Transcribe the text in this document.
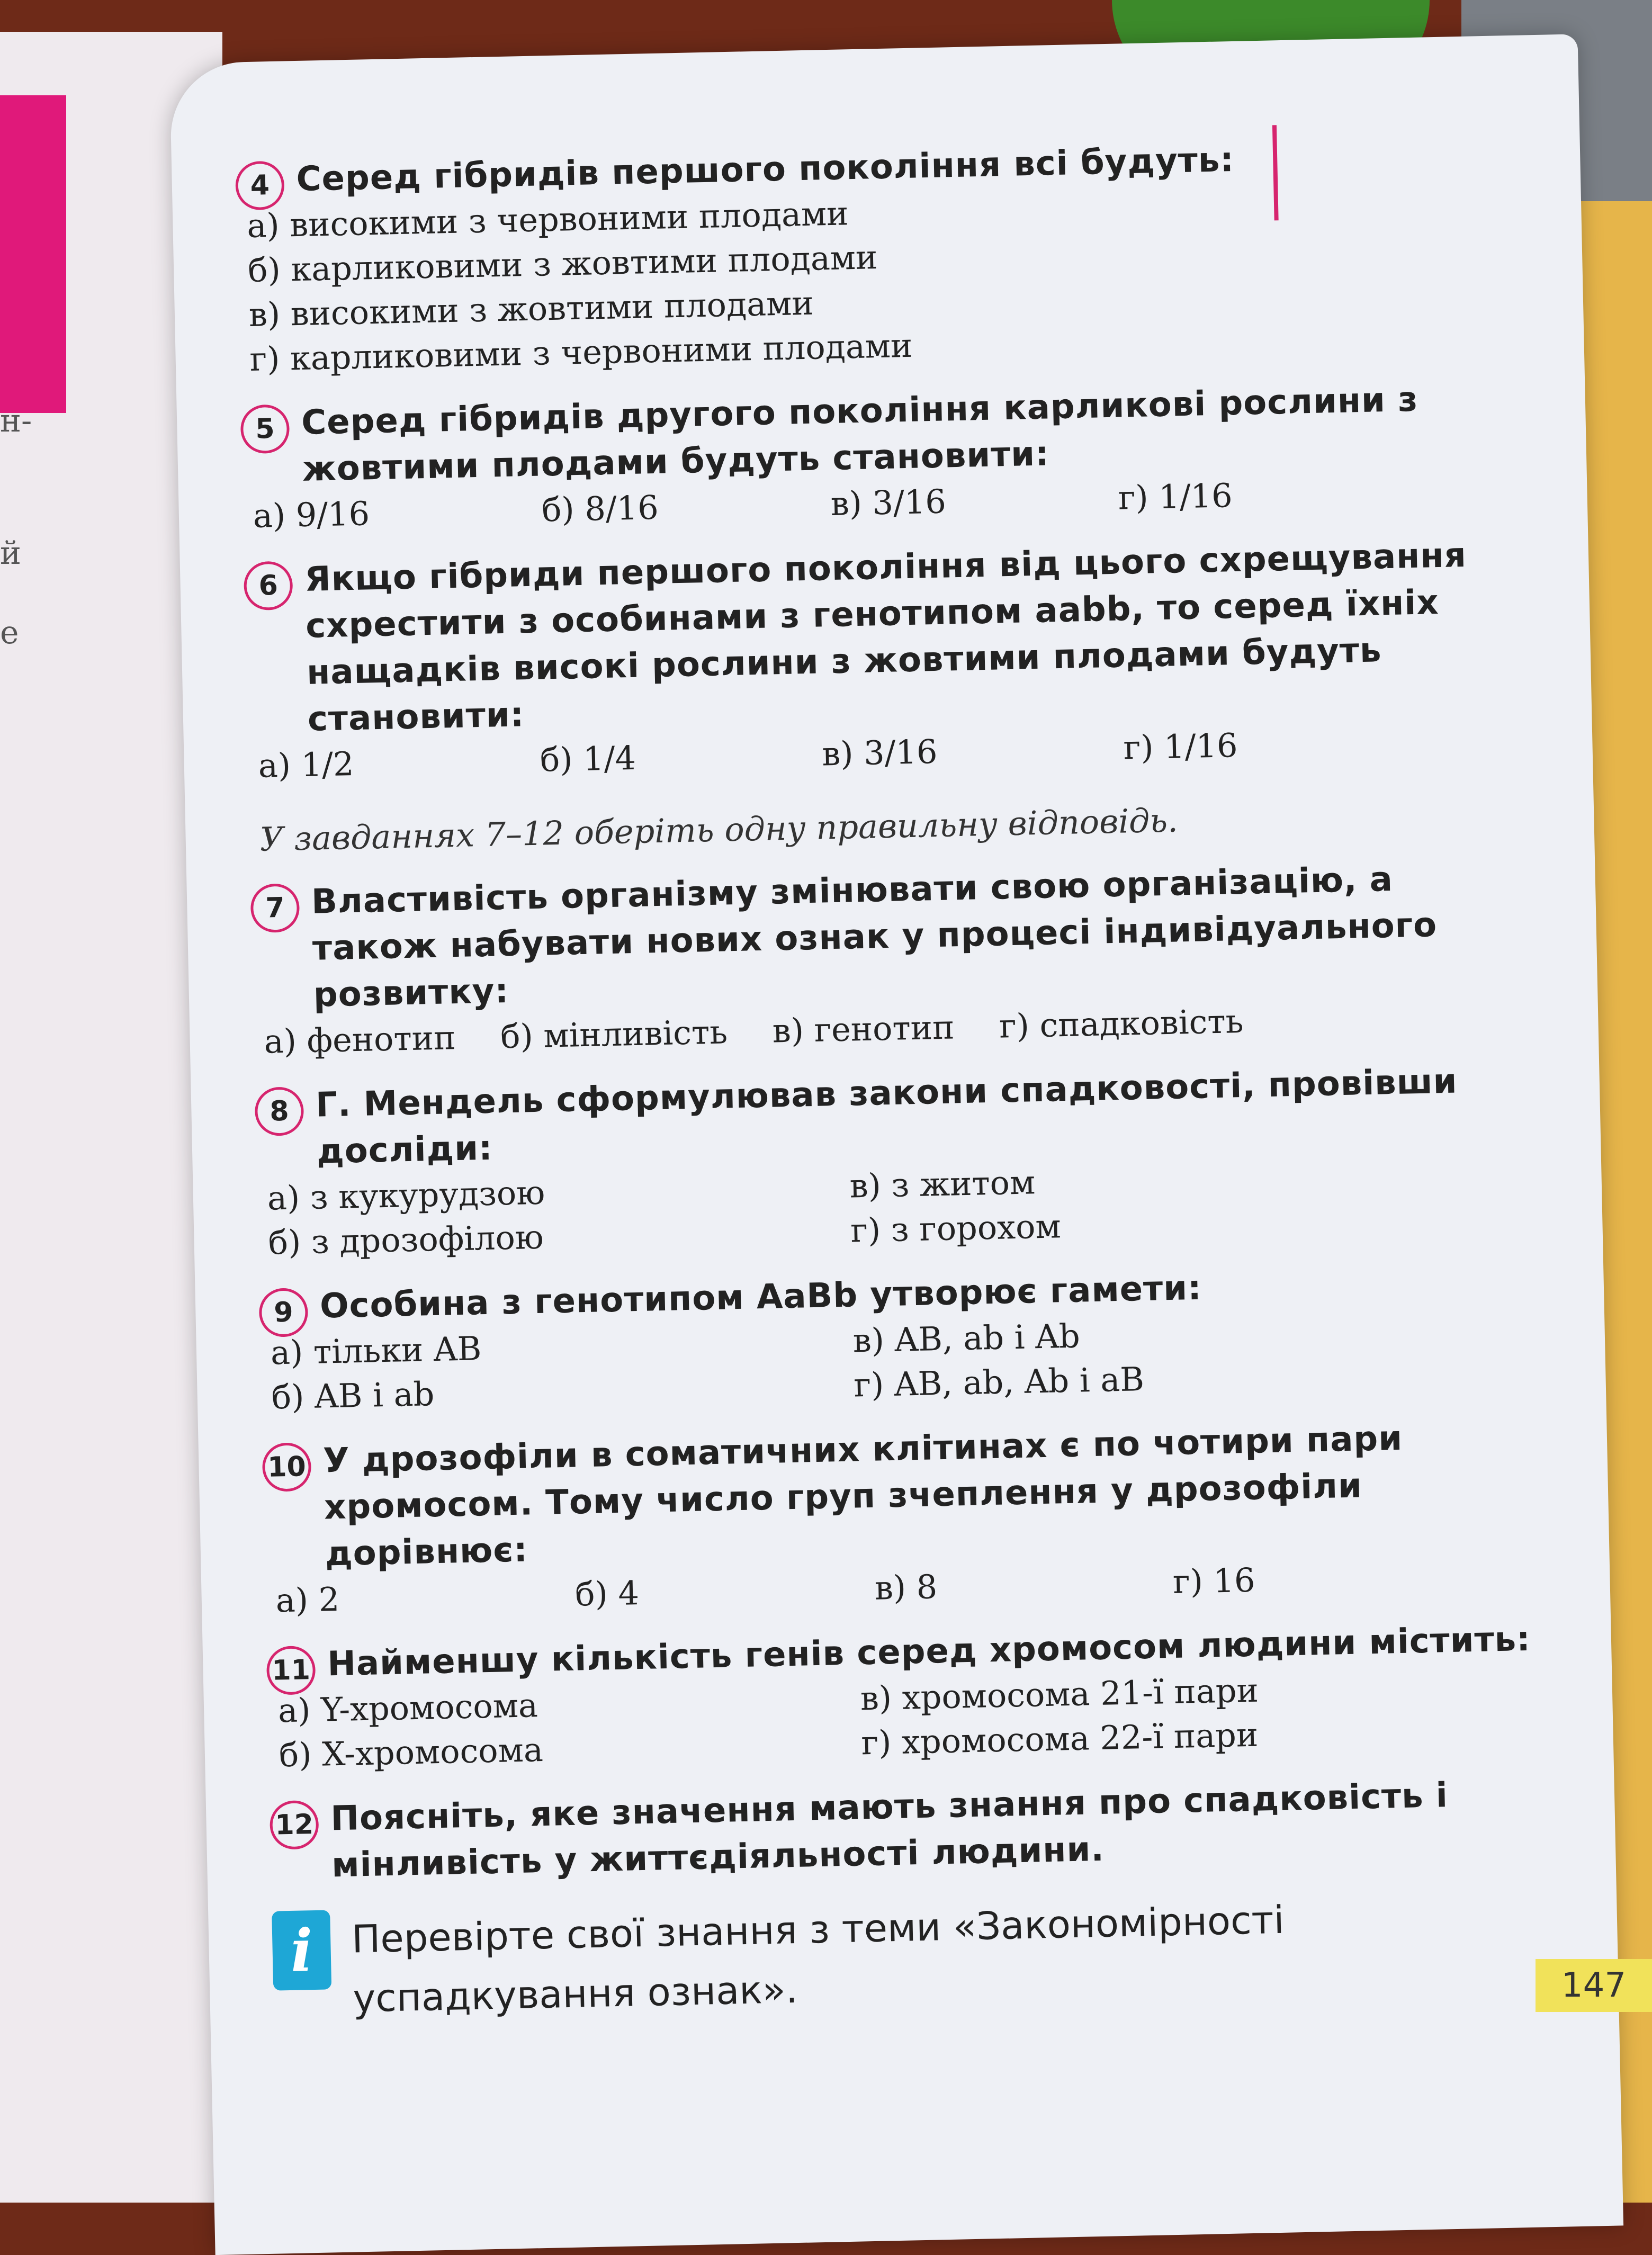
н-
й
е
4 Серед гібридів першого покоління всі будуть:
а) високими з червоними плодами
б) карликовими з жовтими плодами
в) високими з жовтими плодами
г) карликовими з червоними плодами
5 Серед гібридів другого покоління карликові рослини з жовтими плодами будуть становити:
а) 9/16	б) 8/16	в) 3/16	г) 1/16
6 Якщо гібриди першого покоління від цього схрещування схрестити з особинами з генотипом aabb, то серед їхніх нащадків високі рослини з жовтими плодами будуть становити:
а) 1/2	б) 1/4	в) 3/16	г) 1/16
У завданнях 7–12 оберіть одну правильну відповідь.
7 Властивість організму змінювати свою організацію, а також набувати нових ознак у процесі індивідуального розвитку:
а) фенотип б) мінливість в) генотип г) спадковість
8 Г. Мендель сформулював закони спадковості, провівши досліди:
а) з кукурудзою	в) з житом
б) з дрозофілою	г) з горохом
9 Особина з генотипом AaBb утворює гамети:
а) тільки AB	в) AB, ab і Ab
б) AB і ab	г) AB, ab, Ab і aB
10 У дрозофіли в соматичних клітинах є по чотири пари хромосом. Тому число груп зчеплення у дрозофіли дорівнює:
а) 2	б) 4	в) 8	г) 16
11 Найменшу кількість генів серед хромосом людини містить:
а) Y-хромосома	в) хромосома 21-ї пари
б) X-хромосома	г) хромосома 22-ї пари
12 Поясніть, яке значення мають знання про спадковість і мінливість у життєдіяльності людини.
i Перевірте свої знання з теми «Закономірності успадкування ознак».	147
